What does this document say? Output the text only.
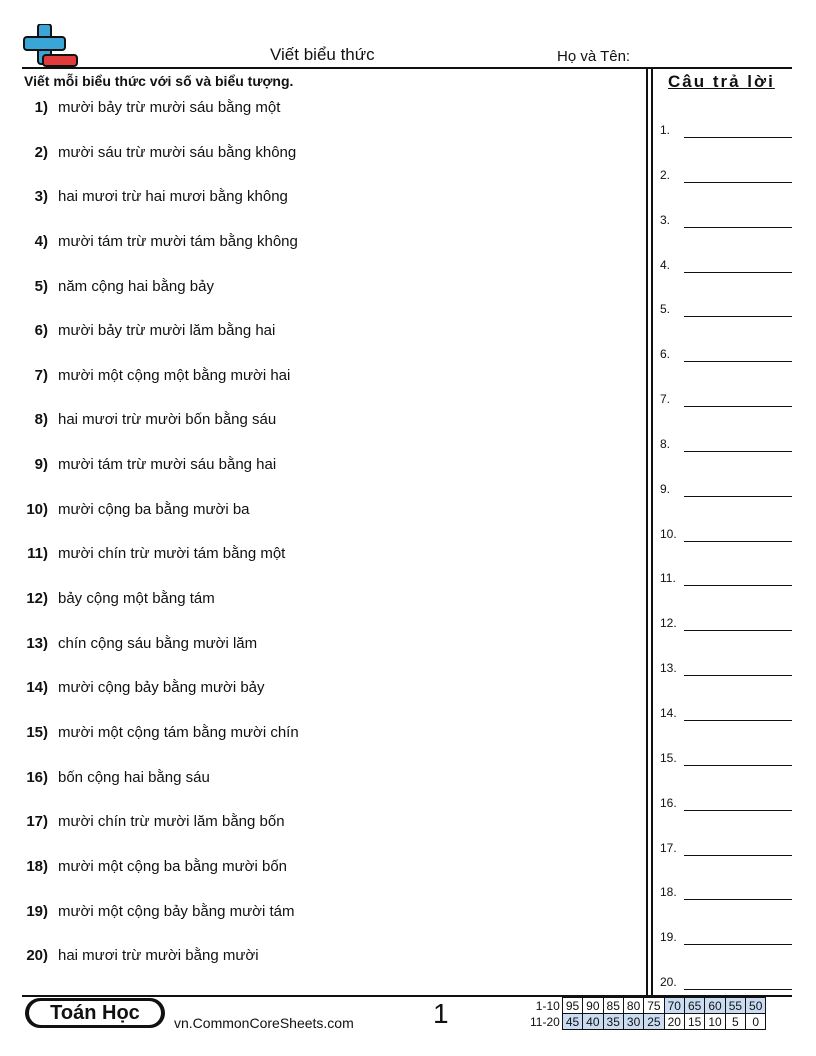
Viết biểu thức	Họ và Tên:
Viết mỗi biểu thức với số và biểu tượng.
1) mười bảy trừ mười sáu bằng một
2) mười sáu trừ mười sáu bằng không
3) hai mươi trừ hai mươi bằng không
4) mười tám trừ mười tám bằng không
5) năm cộng hai bằng bảy
6) mười bảy trừ mười lăm bằng hai
7) mười một cộng một bằng mười hai
8) hai mươi trừ mười bốn bằng sáu
9) mười tám trừ mười sáu bằng hai
10) mười cộng ba bằng mười ba
11) mười chín trừ mười tám bằng một
12) bảy cộng một bằng tám
13) chín cộng sáu bằng mười lăm
14) mười cộng bảy bằng mười bảy
15) mười một cộng tám bằng mười chín
16) bốn cộng hai bằng sáu
17) mười chín trừ mười lăm bằng bốn
18) mười một cộng ba bằng mười bốn
19) mười một cộng bảy bằng mười tám
20) hai mươi trừ mười bằng mười
Câu trả lời
1.
2.
3.
4.
5.
6.
7.
8.
9.
10.
11.
12.
13.
14.
15.
16.
17.
18.
19.
20.
Toán Học	vn.CommonCoreSheets.com	1	1-10	95	90	85	80	75	70	65	60	55	50
11-20	45	40	35	30	25	20	15	10	5	0
